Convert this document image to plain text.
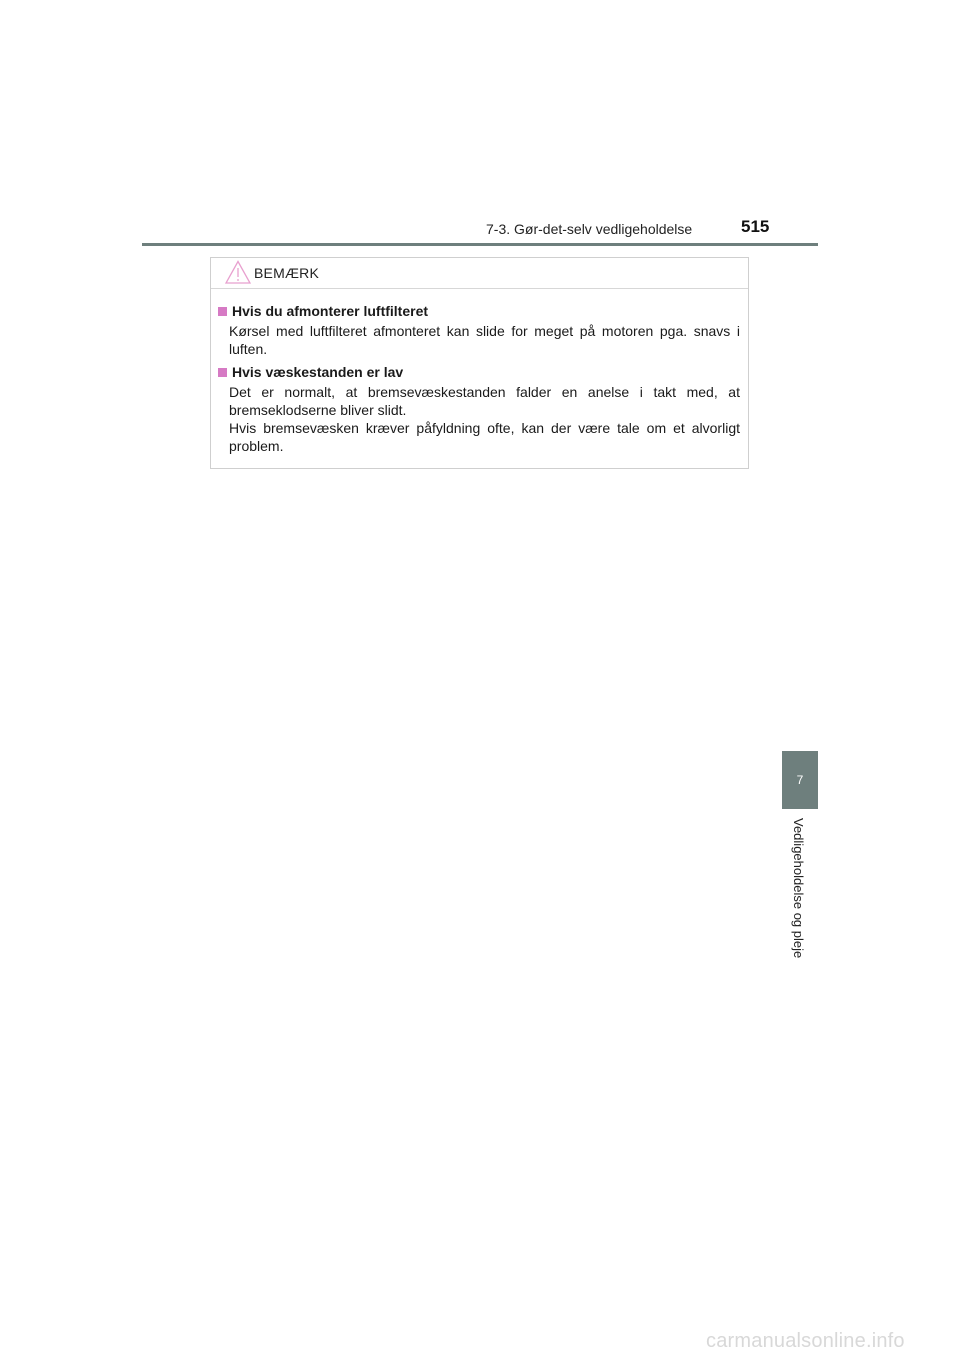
7-3. Gør-det-selv vedligeholdelse	515
BEMÆRK
Hvis du afmonterer luftfilteret

Kørsel med luftfilteret afmonteret kan slide for meget på motoren pga. snavs i luften.

Hvis væskestanden er lav

Det er normalt, at bremsevæskestanden falder en anelse i takt med, at bremseklodserne bliver slidt.

Hvis bremsevæsken kræver påfyldning ofte, kan der være tale om et alvorligt problem.

7
Vedligeholdelse og pleje
carmanualsonline.info
